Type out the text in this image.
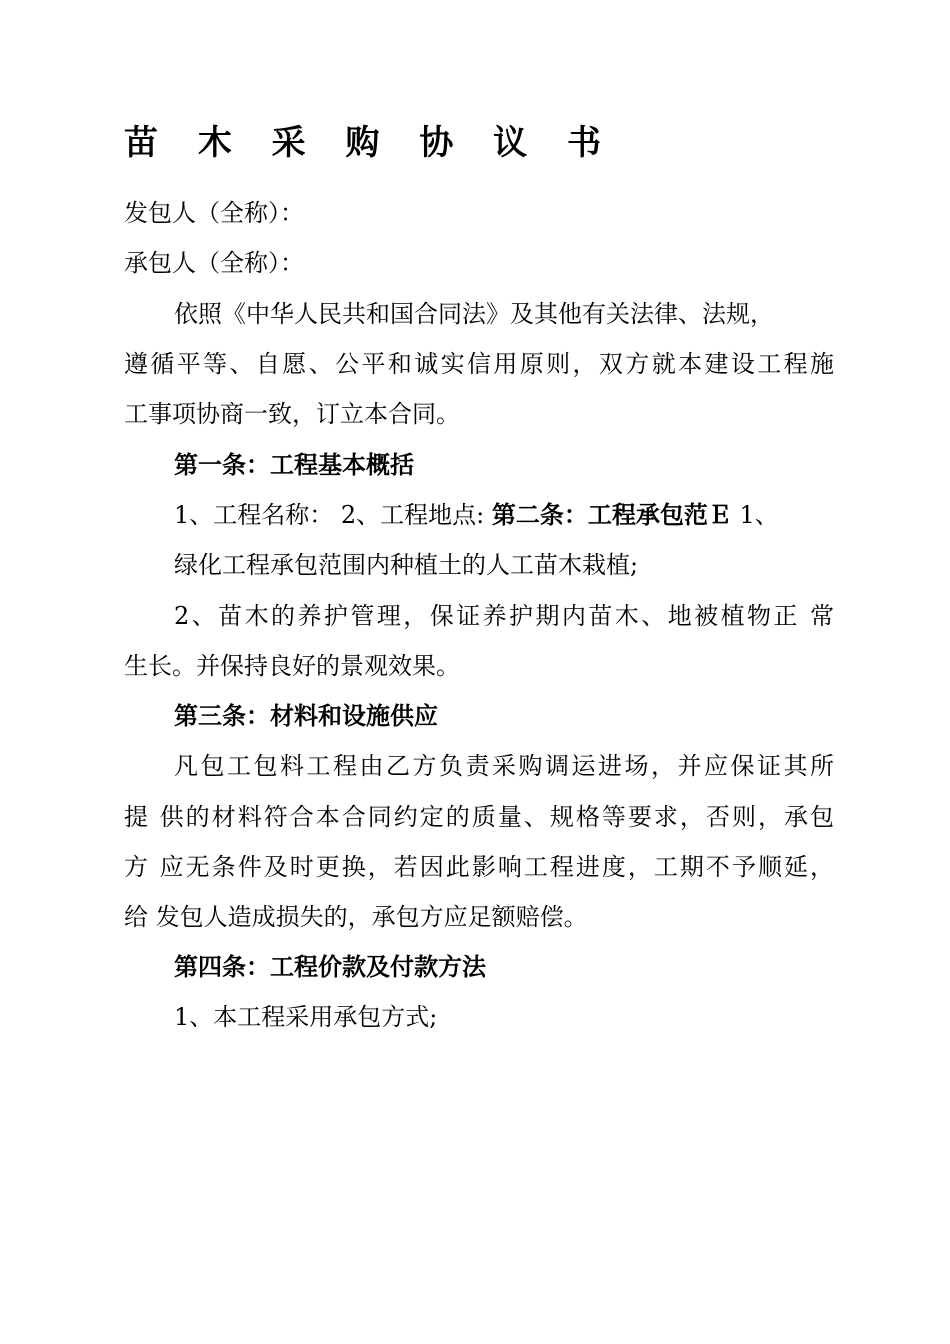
苗 木 采 购 协 议 书
发包人（全称）：
承包人（全称）：
依照《中华人民共和国合同法》及其他有关法律、法规，
遵循平等、自愿、公平和诚实信用原则，双方就本建设工程施
工事项协商一致，订立本合同。
第一条：工程基本概括
1、工程名称： 2、工程地点: 第二条：工程承包范Ｅ 1、
绿化工程承包范围内种植土的人工苗木栽植;
2、苗木的养护管理，保证养护期内苗木、地被植物正 常
生长。并保持良好的景观效果。
第三条：材料和设施供应
凡包工包料工程由乙方负责采购调运进场，并应保证其所
提 供的材料符合本合同约定的质量、规格等要求，否则，承包
方 应无条件及时更换，若因此影响工程进度，工期不予顺延，
给 发包人造成损失的，承包方应足额赔偿。
第四条：工程价款及付款方法
1、本工程采用承包方式;
